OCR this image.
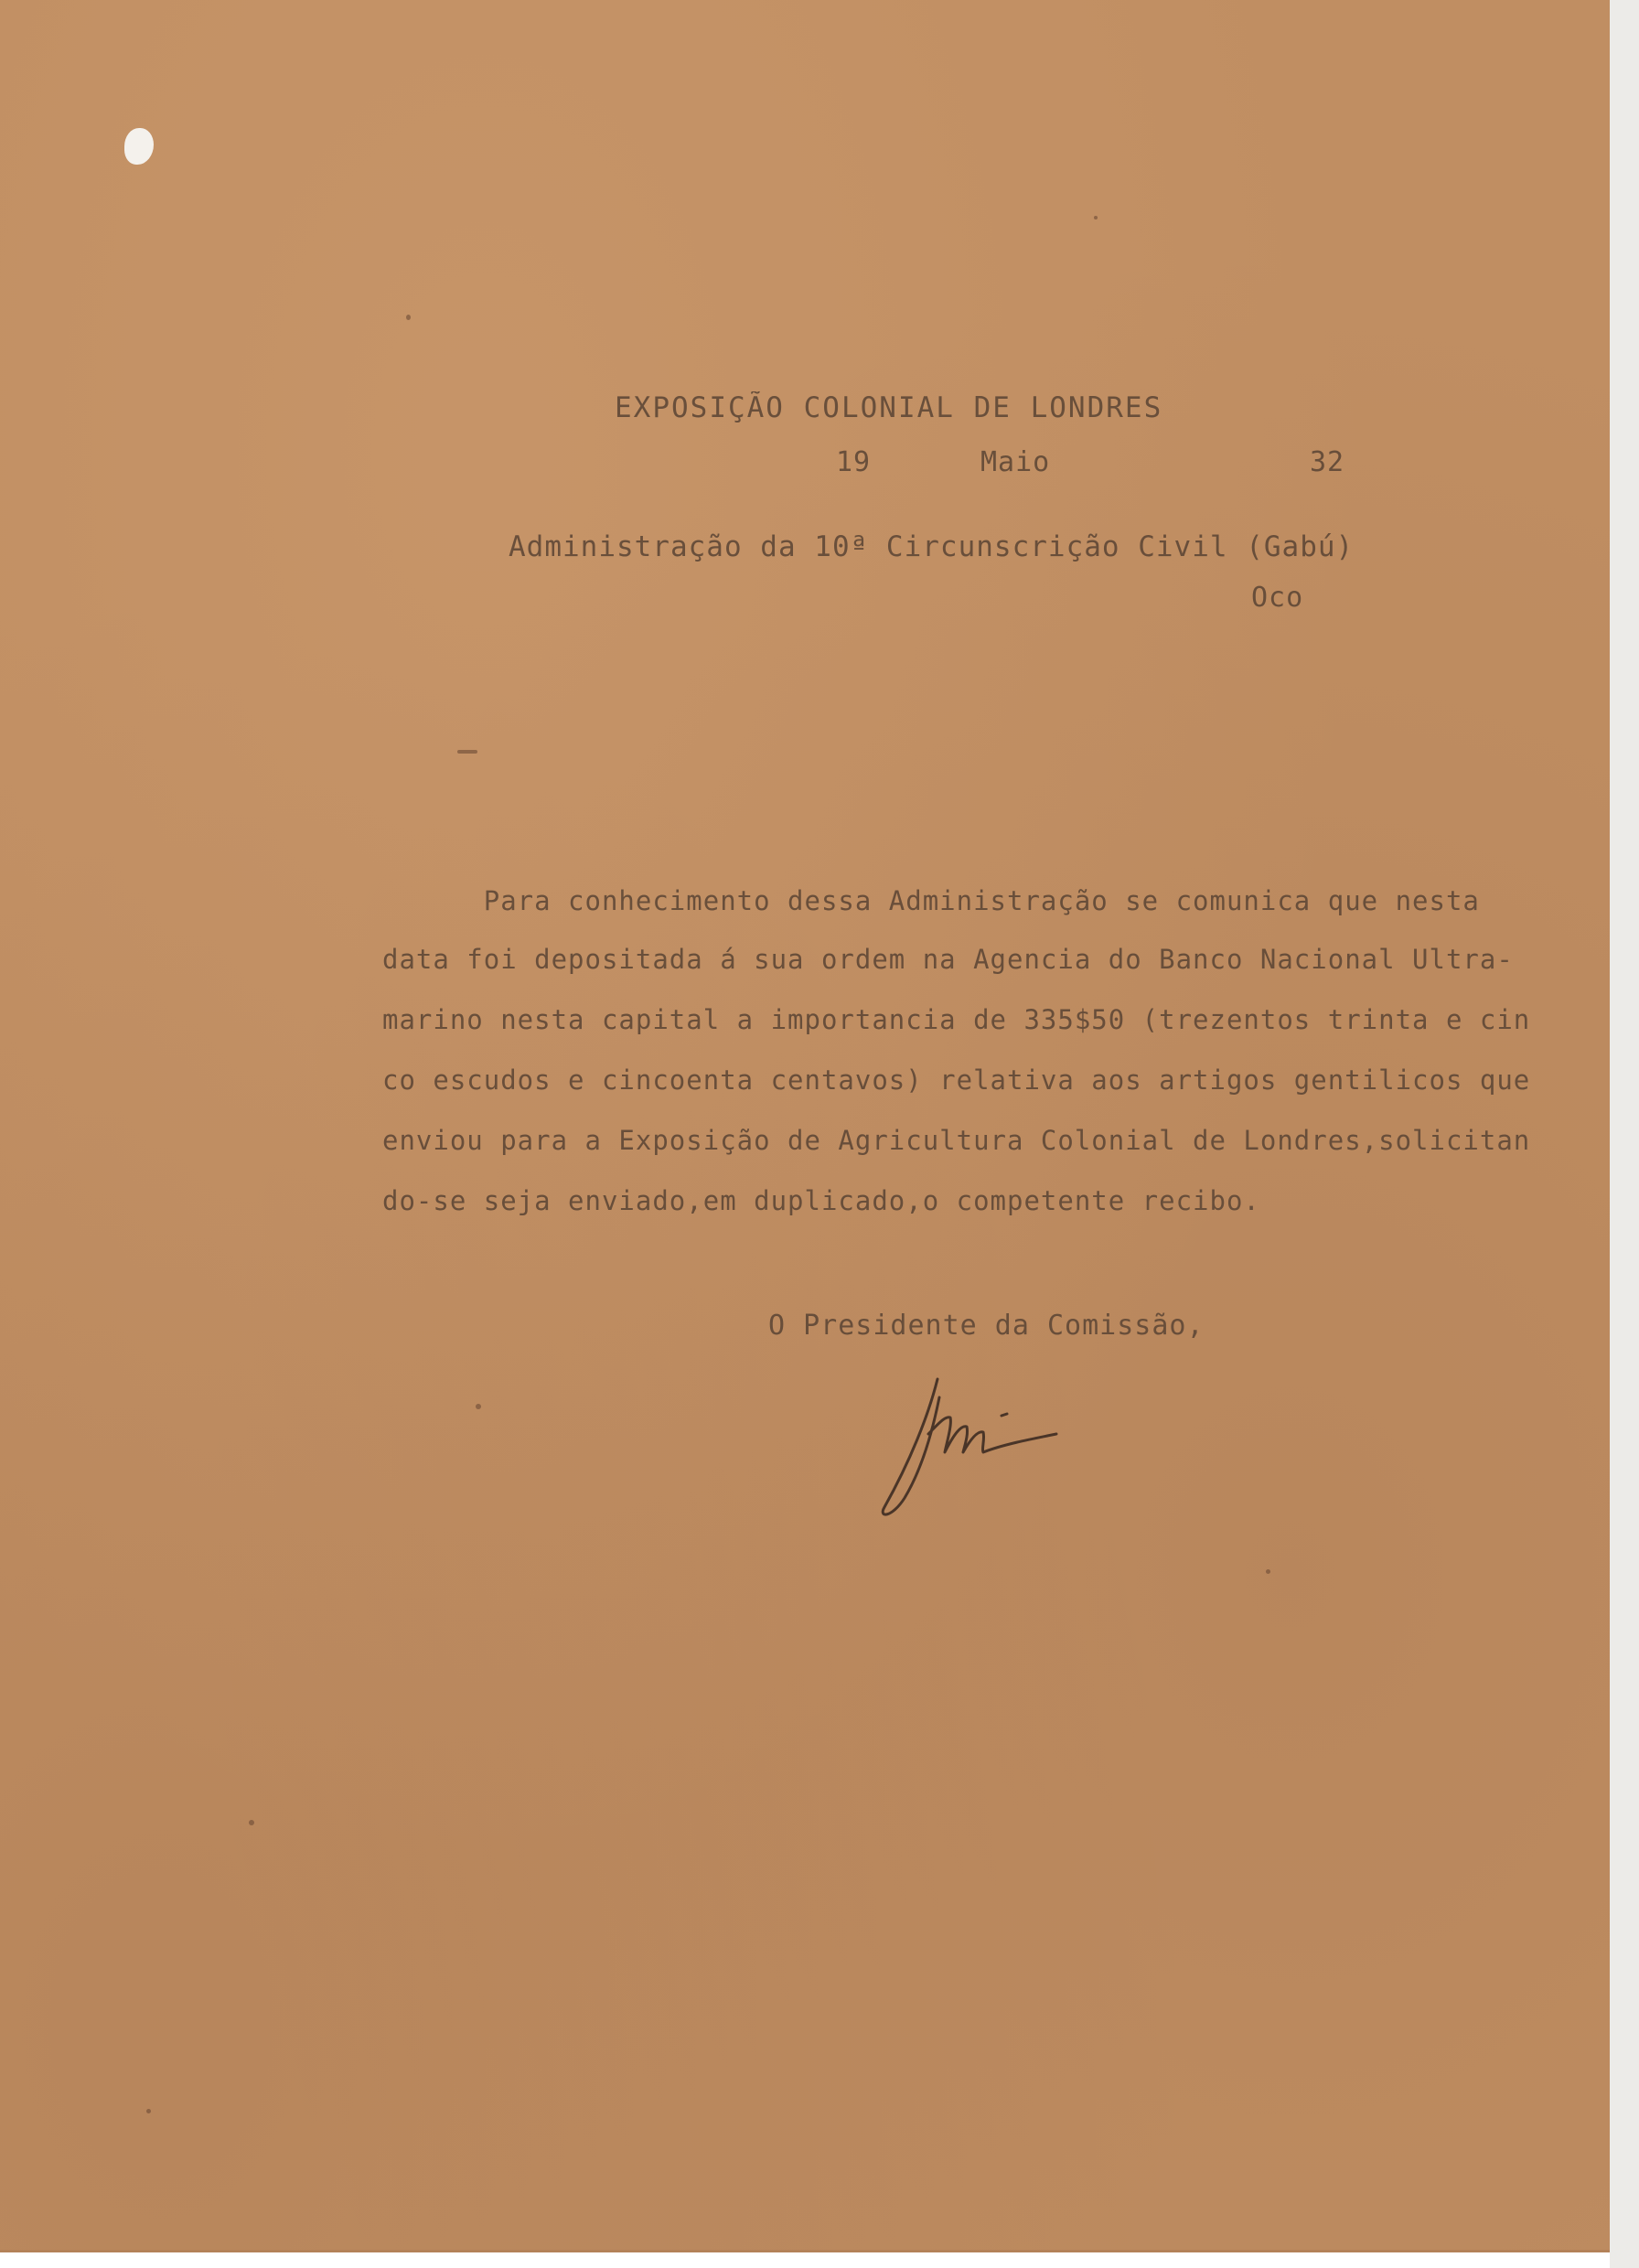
EXPOSIÇÃO COLONIAL DE LONDRES
19	Maio	32
Administração da 10ª Circunscrição Civil (Gabú)
Oco
Para conhecimento dessa Administração se comunica que nesta
data foi depositada á sua ordem na Agencia do Banco Nacional Ultra-
marino nesta capital a importancia de 335$50 (trezentos trinta e cin
co escudos e cincoenta centavos) relativa aos artigos gentilicos que
enviou para a Exposição de Agricultura Colonial de Londres,solicitan
do-se seja enviado,em duplicado,o competente recibo.
O Presidente da Comissão,
